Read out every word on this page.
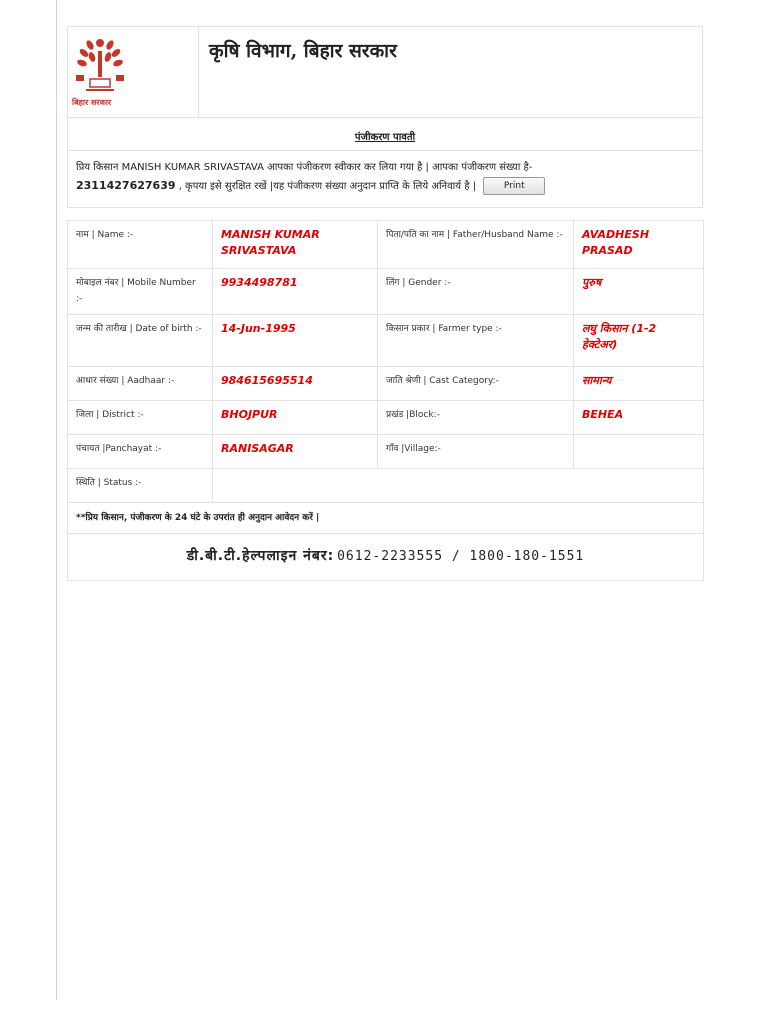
बिहार सरकार
	कृषि विभाग, बिहार सरकार
पंजीकरण पावती
प्रिय किसान MANISH KUMAR SRIVASTAVA आपका पंजीकरण स्वीकार कर लिया गया है | आपका पंजीकरण संख्या है-
2311427627639 , कृपया इसे सुरक्षित रखें |यह पंजीकरण संख्या अनुदान प्राप्ति के लिये अनिवार्य है |	Print
नाम | Name :-	MANISH KUMAR SRIVASTAVA	पिता/पति का नाम | Father/Husband Name :-	AVADHESH PRASAD
मोबाइल नंबर | Mobile Number :-	9934498781	लिंग | Gender :-	पुरुष
जन्म की तारीख | Date of birth :-	14-Jun-1995	किसान प्रकार | Farmer type :-	लघु किसान (1-2 हेक्टेअर)
आधार संख्या | Aadhaar :-	984615695514	जाति श्रेणी | Cast Category:-	सामान्य
जिला | District :-	BHOJPUR	प्रखंड |Block:-	BEHEA
पंचायत |Panchayat :-	RANISAGAR	गाँव |Village:-	
स्थिति | Status :-			
**प्रिय किसान, पंजीकरण के 24 घंटे के उपरांत ही अनुदान आवेदन करें |			
डी.बी.टी.हेल्पलाइन नंबर: 0612-2233555 / 1800-180-1551			
